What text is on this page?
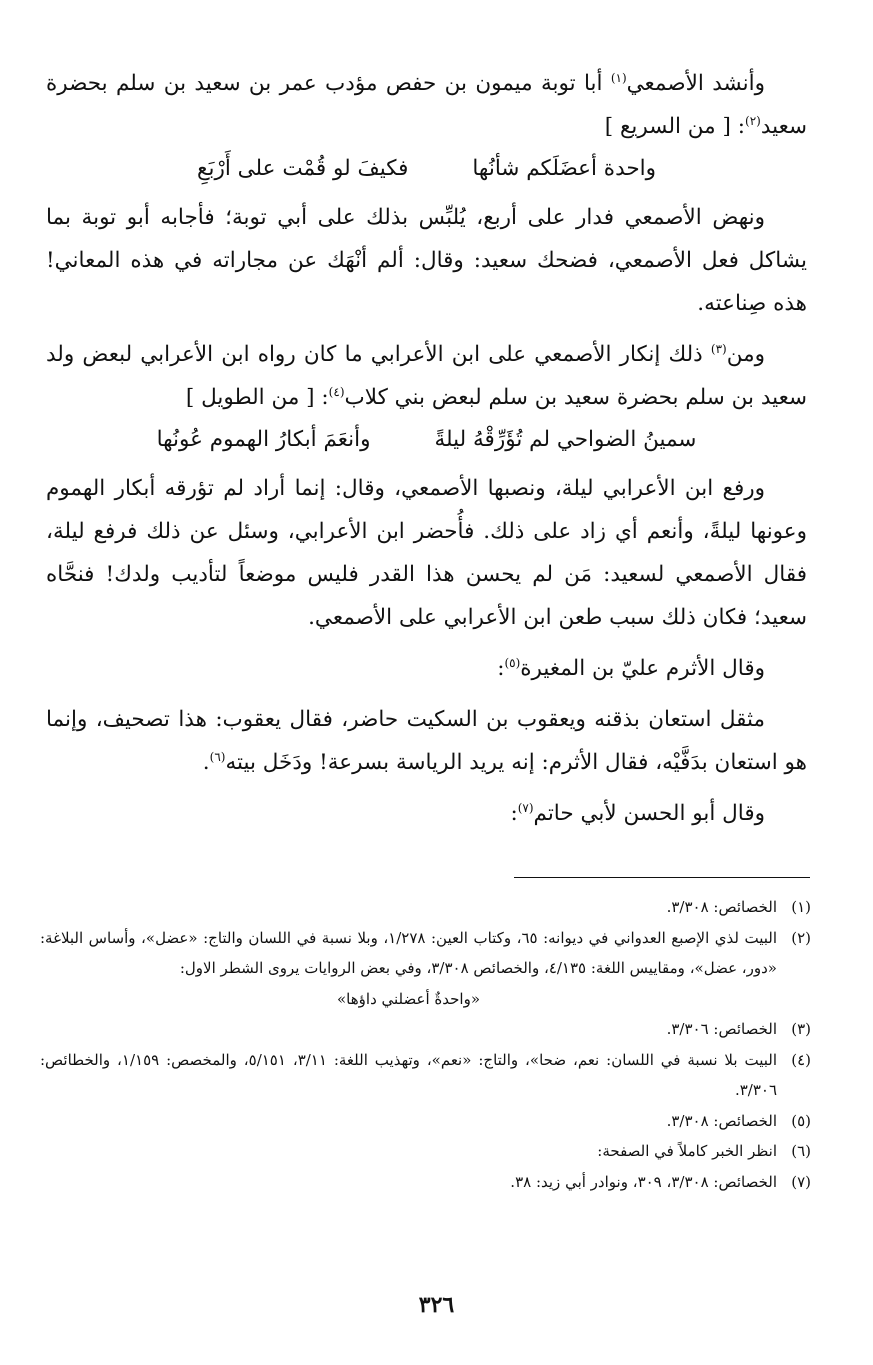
وأنشد الأصمعي$^{(١)}$ أبا توبة ميمون بن حفص مؤدب عمر بن سعيد بن سلم بحضرة سعيد$^{(٢)}$: [ من السريع ]

واحدة أعضَلَكم شأنُها
فكيفَ لو قُمْت على أَرْبَعِ

ونهض الأصمعي فدار على أربع، يُلبِّس بذلك على أبي توبة؛ فأجابه أبو توبة بما يشاكل فعل الأصمعي، فضحك سعيد: وقال: ألم أنْهَك عن مجاراته في هذه المعاني! هذه صِناعته.

ومن$^{(٣)}$ ذلك إنكار الأصمعي على ابن الأعرابي ما كان رواه ابن الأعرابي لبعض ولد سعيد بن سلم بحضرة سعيد بن سلم لبعض بني كلاب$^{(٤)}$: [ من الطويل ]

سمينُ الضواحي لم تُؤَرِّقْهُ ليلةً
وأنعَمَ أبكارُ الهموم عُونُها

ورفع ابن الأعرابي ليلة، ونصبها الأصمعي، وقال: إنما أراد لم تؤرقه أبكار الهموم وعونها ليلةً، وأنعم أي زاد على ذلك. فأُحضر ابن الأعرابي، وسئل عن ذلك فرفع ليلة، فقال الأصمعي لسعيد: مَن لم يحسن هذا القدر فليس موضعاً لتأديب ولدك! فنحَّاه سعيد؛ فكان ذلك سبب طعن ابن الأعرابي على الأصمعي.

وقال الأثرم عليّ بن المغيرة$^{(٥)}$:

مثقل استعان بذقنه ويعقوب بن السكيت حاضر، فقال يعقوب: هذا تصحيف، وإنما هو استعان بدَفَّيْه، فقال الأثرم: إنه يريد الرياسة بسرعة! ودَخَل بيته$^{(٦)}$.

وقال أبو الحسن لأبي حاتم$^{(٧)}$:

(١)
الخصائص: ٣/٣٠٨.
(٢)
البيت لذي الإصبع العدواني في ديوانه: ٦٥، وكتاب العين: ١/٢٧٨، وبلا نسبة في اللسان والتاج: «عضل»، وأساس البلاغة: «دور، عضل»، ومقاييس اللغة: ٤/١٣٥، والخصائص ٣/٣٠٨، وفي بعض الروايات يروى الشطر الاول:
«واحدةٌ أعضلني داؤها»
(٣)
الخصائص: ٣/٣٠٦.
(٤)
البيت بلا نسبة في اللسان: نعم، ضحا»، والتاج: «نعم»، وتهذيب اللغة: ٣/١١، ٥/١٥١، والمخصص: ١/١٥٩، والخطائص: ٣/٣٠٦.
(٥)
الخصائص: ٣/٣٠٨.
(٦)
انظر الخبر كاملاً في الصفحة:
(٧)
الخصائص: ٣/٣٠٨، ٣٠٩، ونوادر أبي زيد: ٣٨.
٣٢٦
